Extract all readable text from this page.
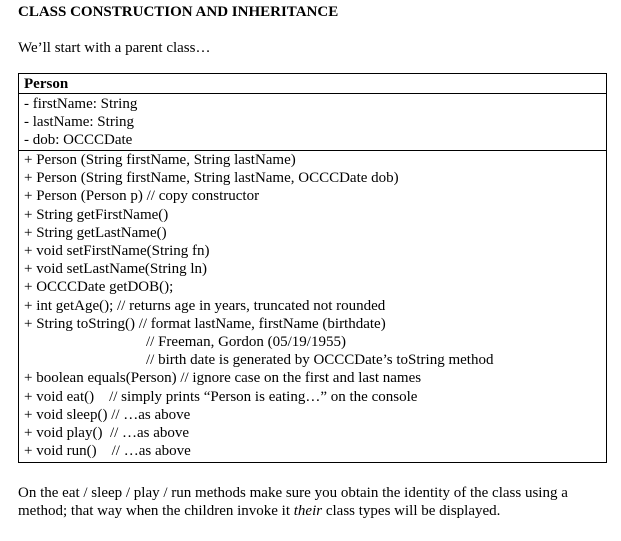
CLASS CONSTRUCTION AND INHERITANCE
We’ll start with a parent class…
Person
- firstName: String
- lastName: String
- dob: OCCCDate
+ Person (String firstName, String lastName)
+ Person (String firstName, String lastName, OCCCDate dob)
+ Person (Person p) // copy constructor
+ String getFirstName()
+ String getLastName()
+ void setFirstName(String fn)
+ void setLastName(String ln)
+ OCCCDate getDOB();
+ int getAge(); // returns age in years, truncated not rounded
+ String toString() // format lastName, firstName (birthdate)
// Freeman, Gordon (05/19/1955)
// birth date is generated by OCCCDate’s toString method
+ boolean equals(Person) // ignore case on the first and last names
+ void eat()    // simply prints “Person is eating…” on the console
+ void sleep() // …as above
+ void play()  // …as above
+ void run()    // …as above
On the eat / sleep / play / run methods make sure you obtain the identity of the class using a method; that way when the children invoke it their class types will be displayed.
